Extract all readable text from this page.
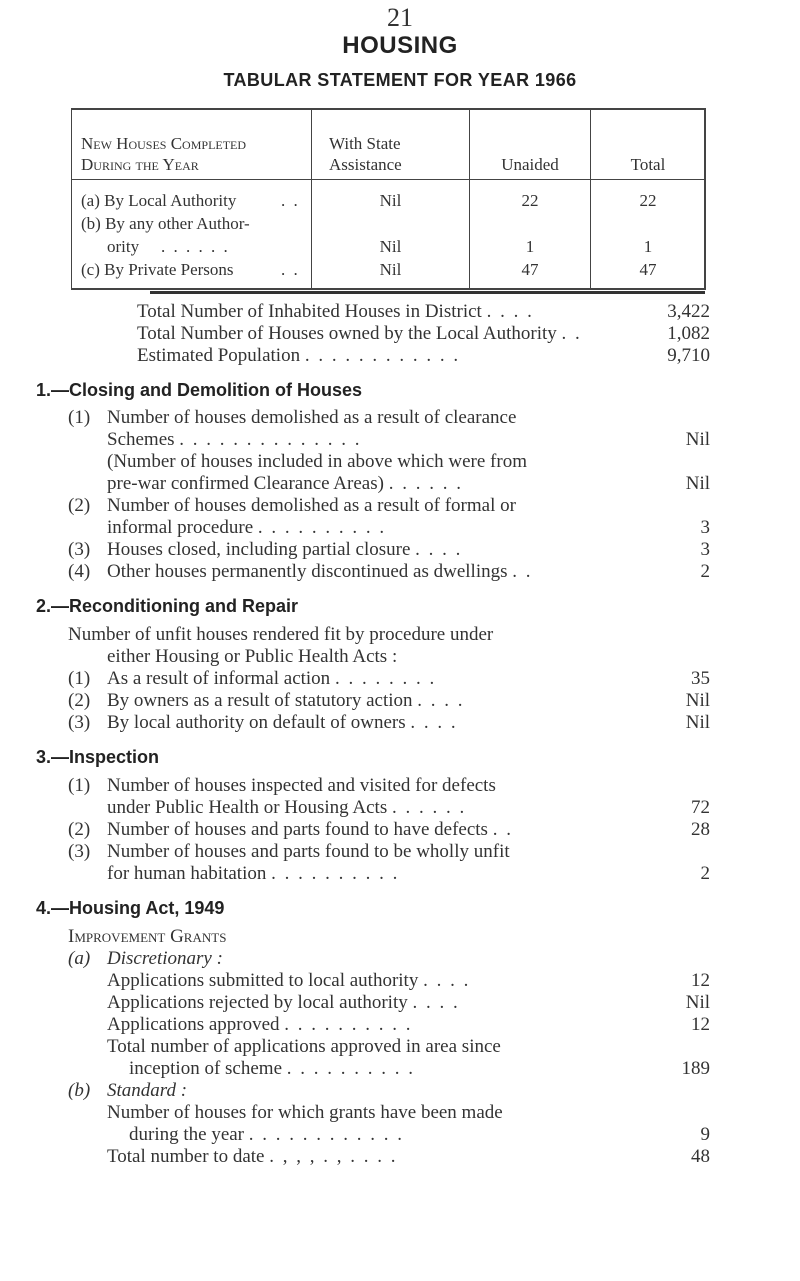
21
HOUSING
TABULAR STATEMENT FOR YEAR 1966
New Houses Completed
During the Year
With State
Assistance	Unaided	Total
(a) By Local Authority	. .	Nil	22	22
(b) By any other Author-
ority . . . . . .	Nil	1	1
(c) By Private Persons	. .	Nil	47	47
Total Number of Inhabited Houses in District . . . .	3,422
Total Number of Houses owned by the Local Authority . .	1,082
Estimated Population . . . . . . . . . . . .	9,710
1.—Closing and Demolition of Houses
(1) Number of houses demolished as a result of clearance
Schemes . . . . . . . . . . . . . .	Nil
(Number of houses included in above which were from
pre-war confirmed Clearance Areas) . . . . . .	Nil
(2) Number of houses demolished as a result of formal or
informal procedure . . . . . . . . . .	3
(3) Houses closed, including partial closure . . . .	3
(4) Other houses permanently discontinued as dwellings . .	2
2.—Reconditioning and Repair
Number of unfit houses rendered fit by procedure under
either Housing or Public Health Acts :
(1) As a result of informal action . . . . . . . .	35
(2) By owners as a result of statutory action . . . .	Nil
(3) By local authority on default of owners . . . .	Nil
3.—Inspection
(1) Number of houses inspected and visited for defects
under Public Health or Housing Acts . . . . . .	72
(2) Number of houses and parts found to have defects . .	28
(3) Number of houses and parts found to be wholly unfit
for human habitation . . . . . . . . . .	2
4.—Housing Act, 1949
Improvement Grants
(a) Discretionary :
Applications submitted to local authority . . . .	12
Applications rejected by local authority . . . .	Nil
Applications approved . . . . . . . . . .	12
Total number of applications approved in area since
inception of scheme . . . . . . . . . .	189
(b) Standard :
Number of houses for which grants have been made
during the year . . . . . . . . . . . .	9
Total number to date . , , , . , . . . .	48
